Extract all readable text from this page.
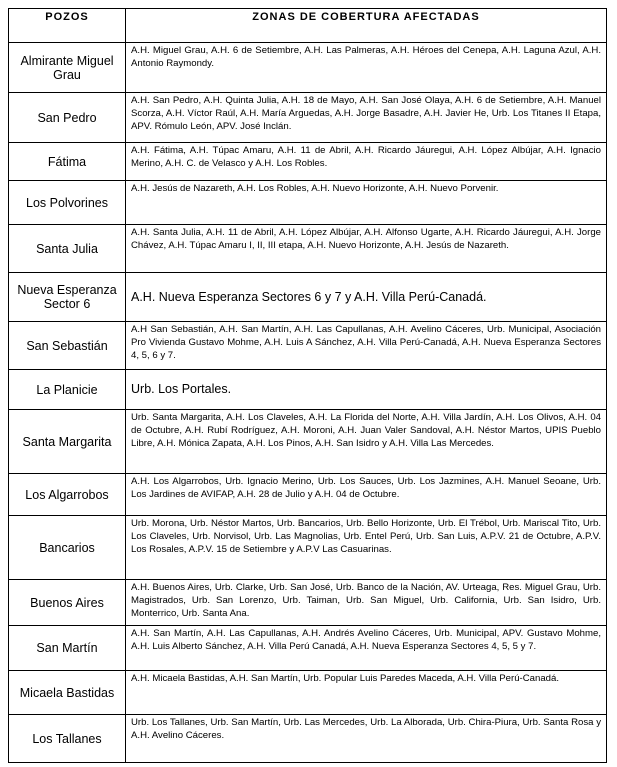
POZOS	ZONAS DE COBERTURA AFECTADAS
Almirante Miguel Grau	A.H. Miguel Grau, A.H. 6 de Setiembre, A.H. Las Palmeras, A.H. Héroes del Cenepa, A.H. Laguna Azul, A.H. Antonio Raymondy.
San Pedro	A.H. San Pedro, A.H. Quinta Julia, A.H. 18 de Mayo, A.H. San José Olaya, A.H. 6 de Setiembre, A.H. Manuel Scorza, A.H. Víctor Raúl, A.H. María Arguedas, A.H. Jorge Basadre, A.H. Javier He, Urb. Los Titanes II Etapa, APV. Rómulo León, APV. José Inclán.
Fátima	A.H. Fátima, A.H. Túpac Amaru, A.H. 11 de Abril, A.H. Ricardo Jáuregui, A.H. López Albújar, A.H. Ignacio Merino, A.H. C. de Velasco y A.H. Los Robles.
Los Polvorines	A.H. Jesús de Nazareth, A.H. Los Robles, A.H. Nuevo Horizonte, A.H. Nuevo Porvenir.
Santa Julia	A.H. Santa Julia, A.H. 11 de Abril, A.H. López Albújar, A.H. Alfonso Ugarte, A.H. Ricardo Jáuregui, A.H. Jorge Chávez, A.H. Túpac Amaru I, II, III etapa, A.H. Nuevo Horizonte, A.H. Jesús de Nazareth.
Nueva Esperanza Sector 6	A.H. Nueva Esperanza Sectores 6 y 7 y A.H. Villa Perú-Canadá.
San Sebastián	A.H San Sebastián, A.H. San Martín, A.H. Las Capullanas, A.H. Avelino Cáceres, Urb. Municipal, Asociación Pro Vivienda Gustavo Mohme, A.H. Luis A Sánchez, A.H. Villa Perú-Canadá, A.H. Nueva Esperanza Sectores 4, 5, 6 y 7.
La Planicie	Urb. Los Portales.
Santa Margarita	Urb. Santa Margarita, A.H. Los Claveles, A.H. La Florida del Norte, A.H. Villa Jardín, A.H. Los Olivos, A.H. 04 de Octubre, A.H. Rubí Rodríguez, A.H. Moroni, A.H. Juan Valer Sandoval, A.H. Néstor Martos, UPIS Pueblo Libre, A.H. Mónica Zapata, A.H. Los Pinos, A.H. San Isidro y A.H. Villa Las Mercedes.
Los Algarrobos	A.H. Los Algarrobos, Urb. Ignacio Merino, Urb. Los Sauces, Urb. Los Jazmines, A.H. Manuel Seoane, Urb. Los Jardines de AVIFAP, A.H. 28 de Julio y A.H. 04 de Octubre.
Bancarios	Urb. Morona, Urb. Néstor Martos, Urb. Bancarios, Urb. Bello Horizonte, Urb. El Trébol, Urb. Mariscal Tito, Urb. Los Claveles, Urb. Norvisol, Urb. Las Magnolias, Urb. Entel Perú, Urb. San Luis, A.P.V. 21 de Octubre, A.P.V. Los Rosales, A.P.V. 15 de Setiembre y A.P.V Las Casuarinas.
Buenos Aires	A.H. Buenos Aires, Urb. Clarke, Urb. San José, Urb. Banco de la Nación, AV. Urteaga, Res. Miguel Grau, Urb. Magistrados, Urb. San Lorenzo, Urb. Taiman, Urb. San Miguel, Urb. California, Urb. San Isidro, Urb. Monterrico, Urb. Santa Ana.
San Martín	A.H. San Martín, A.H. Las Capullanas, A.H. Andrés Avelino Cáceres, Urb. Municipal, APV. Gustavo Mohme, A.H. Luis Alberto Sánchez, A.H. Villa Perú Canadá, A.H. Nueva Esperanza Sectores 4, 5, 5 y 7.
Micaela Bastidas	A.H. Micaela Bastidas, A.H. San Martín, Urb. Popular Luis Paredes Maceda, A.H. Villa Perú-Canadá.
Los Tallanes	Urb. Los Tallanes, Urb. San Martín, Urb. Las Mercedes, Urb. La Alborada, Urb. Chira-Piura, Urb. Santa Rosa y A.H. Avelino Cáceres.
